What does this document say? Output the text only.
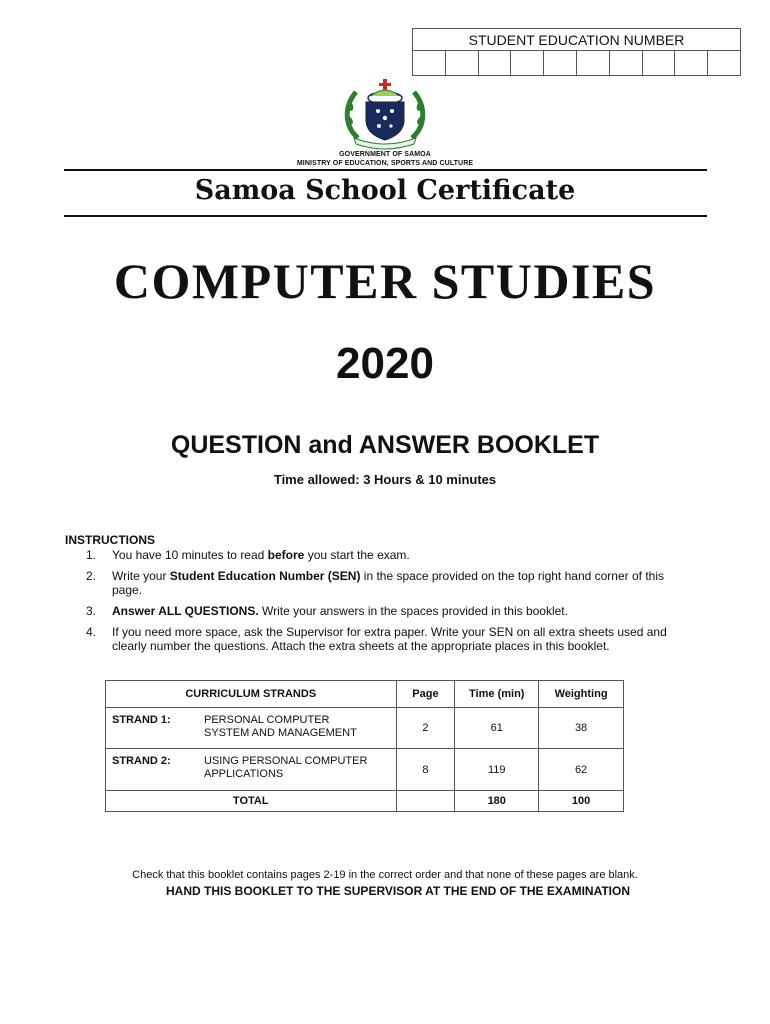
STUDENT EDUCATION NUMBER
GOVERNMENT OF SAMOA
MINISTRY OF EDUCATION, SPORTS AND CULTURE
Samoa School Certificate
COMPUTER STUDIES
2020
QUESTION and ANSWER BOOKLET
Time allowed: 3 Hours & 10 minutes
INSTRUCTIONS
1.	You have 10 minutes to read before you start the exam.
2.	Write your Student Education Number (SEN) in the space provided on the top right hand corner of this page.
3.	Answer ALL QUESTIONS. Write your answers in the spaces provided in this booklet.
4.	If you need more space, ask the Supervisor for extra paper. Write your SEN on all extra sheets used and clearly number the questions. Attach the extra sheets at the appropriate places in this booklet.
CURRICULUM STRANDS	Page	Time (min)	Weighting

STRAND 1: PERSONAL COMPUTER
SYSTEM AND MANAGEMENT	2	61	38

STRAND 2: USING PERSONAL COMPUTER
APPLICATIONS	8	119	62
TOTAL		180	100
Check that this booklet contains pages 2-19 in the correct order and that none of these pages are blank.
HAND THIS BOOKLET TO THE SUPERVISOR AT THE END OF THE EXAMINATION
